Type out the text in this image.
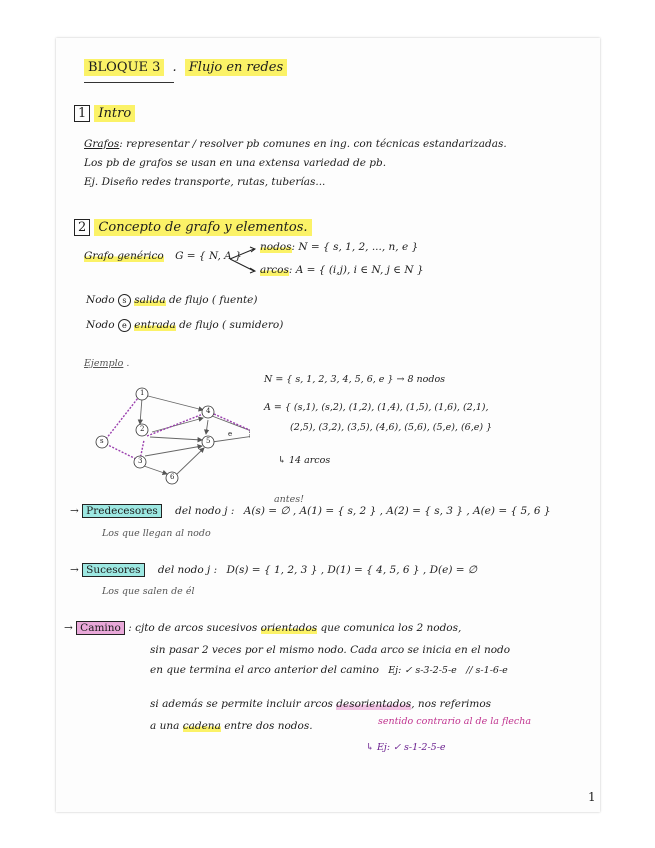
BLOQUE 3 . Flujo en redes
1 Intro
Grafos: representar / resolver pb comunes en ing. con técnicas estandarizadas.
Los pb de grafos se usan en una extensa variedad de pb.
Ej. Diseño redes transporte, rutas, tuberías...
2 Concepto de grafo y elementos.
Grafo genérico G = { N, A }
nodos: N = { s, 1, 2, ..., n, e }
arcos: A = { (i,j), i ∈ N, j ∈ N }
Nodo s salida de flujo ( fuente)
Nodo e entrada de flujo ( sumidero)
Ejemplo .
s
1
2
3
4
5
6
e
N = { s, 1, 2, 3, 4, 5, 6, e } → 8 nodos
A = { (s,1), (s,2), (1,2), (1,4), (1,5), (1,6), (2,1),
(2,5), (3,2), (3,5), (4,6), (5,6), (5,e), (6,e) }
↳ 14 arcos
antes!
→ Predecesores del nodo j : A(s) = ∅ , A(1) = { s, 2 } , A(2) = { s, 3 } , A(e) = { 5, 6 }
Los que llegan al nodo
→ Sucesores del nodo j : D(s) = { 1, 2, 3 } , D(1) = { 4, 5, 6 } , D(e) = ∅
Los que salen de él
→ Camino : cjto de arcos sucesivos orientados que comunica los 2 nodos,
sin pasar 2 veces por el mismo nodo. Cada arco se inicia en el nodo
en que termina el arco anterior del camino Ej: ✓ s-3-2-5-e // s-1-6-e
si además se permite incluir arcos desorientados, nos referimos
a una cadena entre dos nodos.	sentido contrario al de la flecha
↳ Ej: ✓ s-1-2-5-e
1
